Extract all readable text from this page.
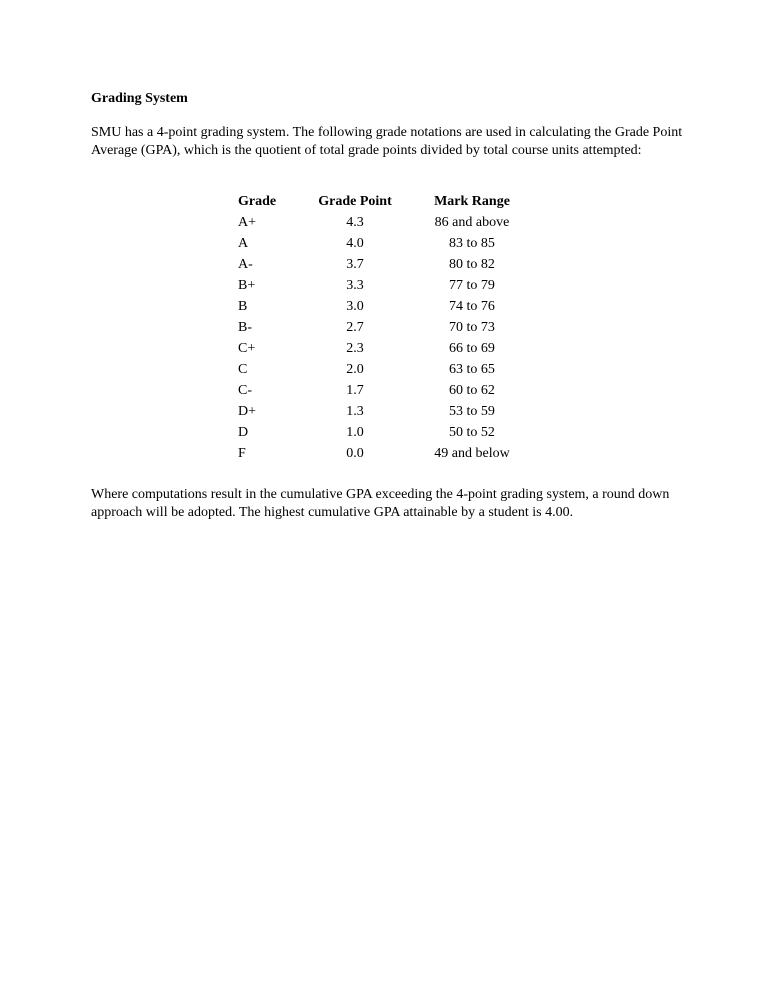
Grading System

SMU has a 4-point grading system. The following grade notations are used in calculating the Grade Point Average (GPA), which is the quotient of total grade points divided by total course units attempted:

Grade	Grade Point	Mark Range
A+	4.3	86 and above
A	4.0	83 to 85
A-	3.7	80 to 82
B+	3.3	77 to 79
B	3.0	74 to 76
B-	2.7	70 to 73
C+	2.3	66 to 69
C	2.0	63 to 65
C-	1.7	60 to 62
D+	1.3	53 to 59
D	1.0	50 to 52
F	0.0	49 and below

Where computations result in the cumulative GPA exceeding the 4-point grading system, a round down approach will be adopted. The highest cumulative GPA attainable by a student is 4.00.
